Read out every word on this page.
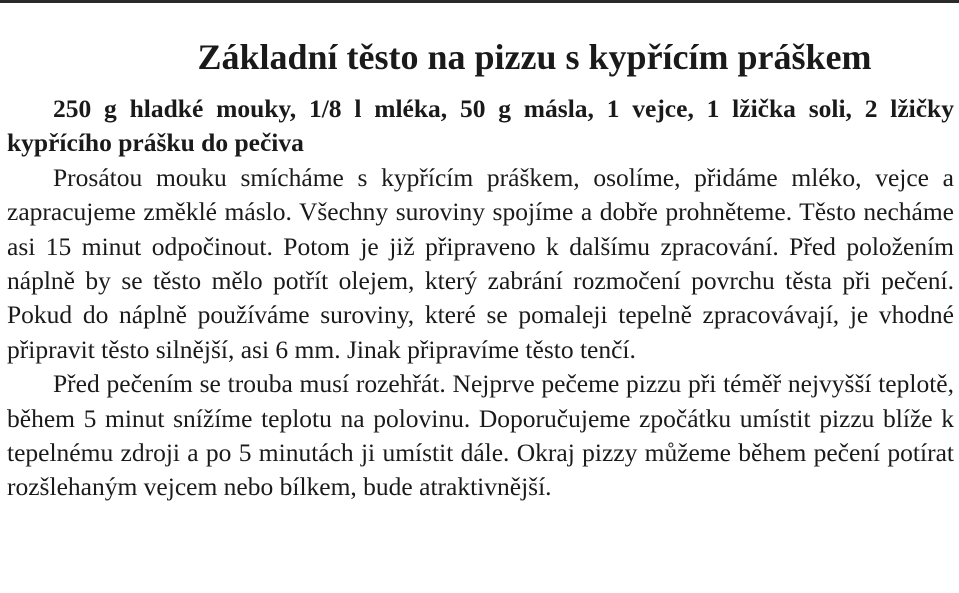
Základní těsto na pizzu s kypřícím práškem

250 g hladké mouky, 1/8 l mléka, 50 g másla, 1 vejce, 1 lžička soli, 2 lžičky kypřícího prášku do pečiva

Prosátou mouku smícháme s kypřícím práškem, osolíme, přidáme mléko, vejce a zapracujeme změklé máslo. Všechny suroviny spojíme a dobře prohněteme. Těsto necháme asi 15 minut odpočinout. Potom je již připraveno k dalšímu zpracování. Před položením náplně by se těsto mělo potřít olejem, který zabrání rozmočení povrchu těsta při pečení. Pokud do náplně používáme suroviny, které se pomaleji tepelně zpracovávají, je vhodné připravit těsto silnější, asi 6 mm. Jinak připravíme těsto tenčí.

Před pečením se trouba musí rozehřát. Nejprve pečeme pizzu při téměř nejvyšší teplotě, během 5 minut snížíme teplotu na polovinu. Doporučujeme zpočátku umístit pizzu blíže k tepelnému zdroji a po 5 minutách ji umístit dále. Okraj pizzy můžeme během pečení potírat rozšlehaným vejcem nebo bílkem, bude atraktivnější.
